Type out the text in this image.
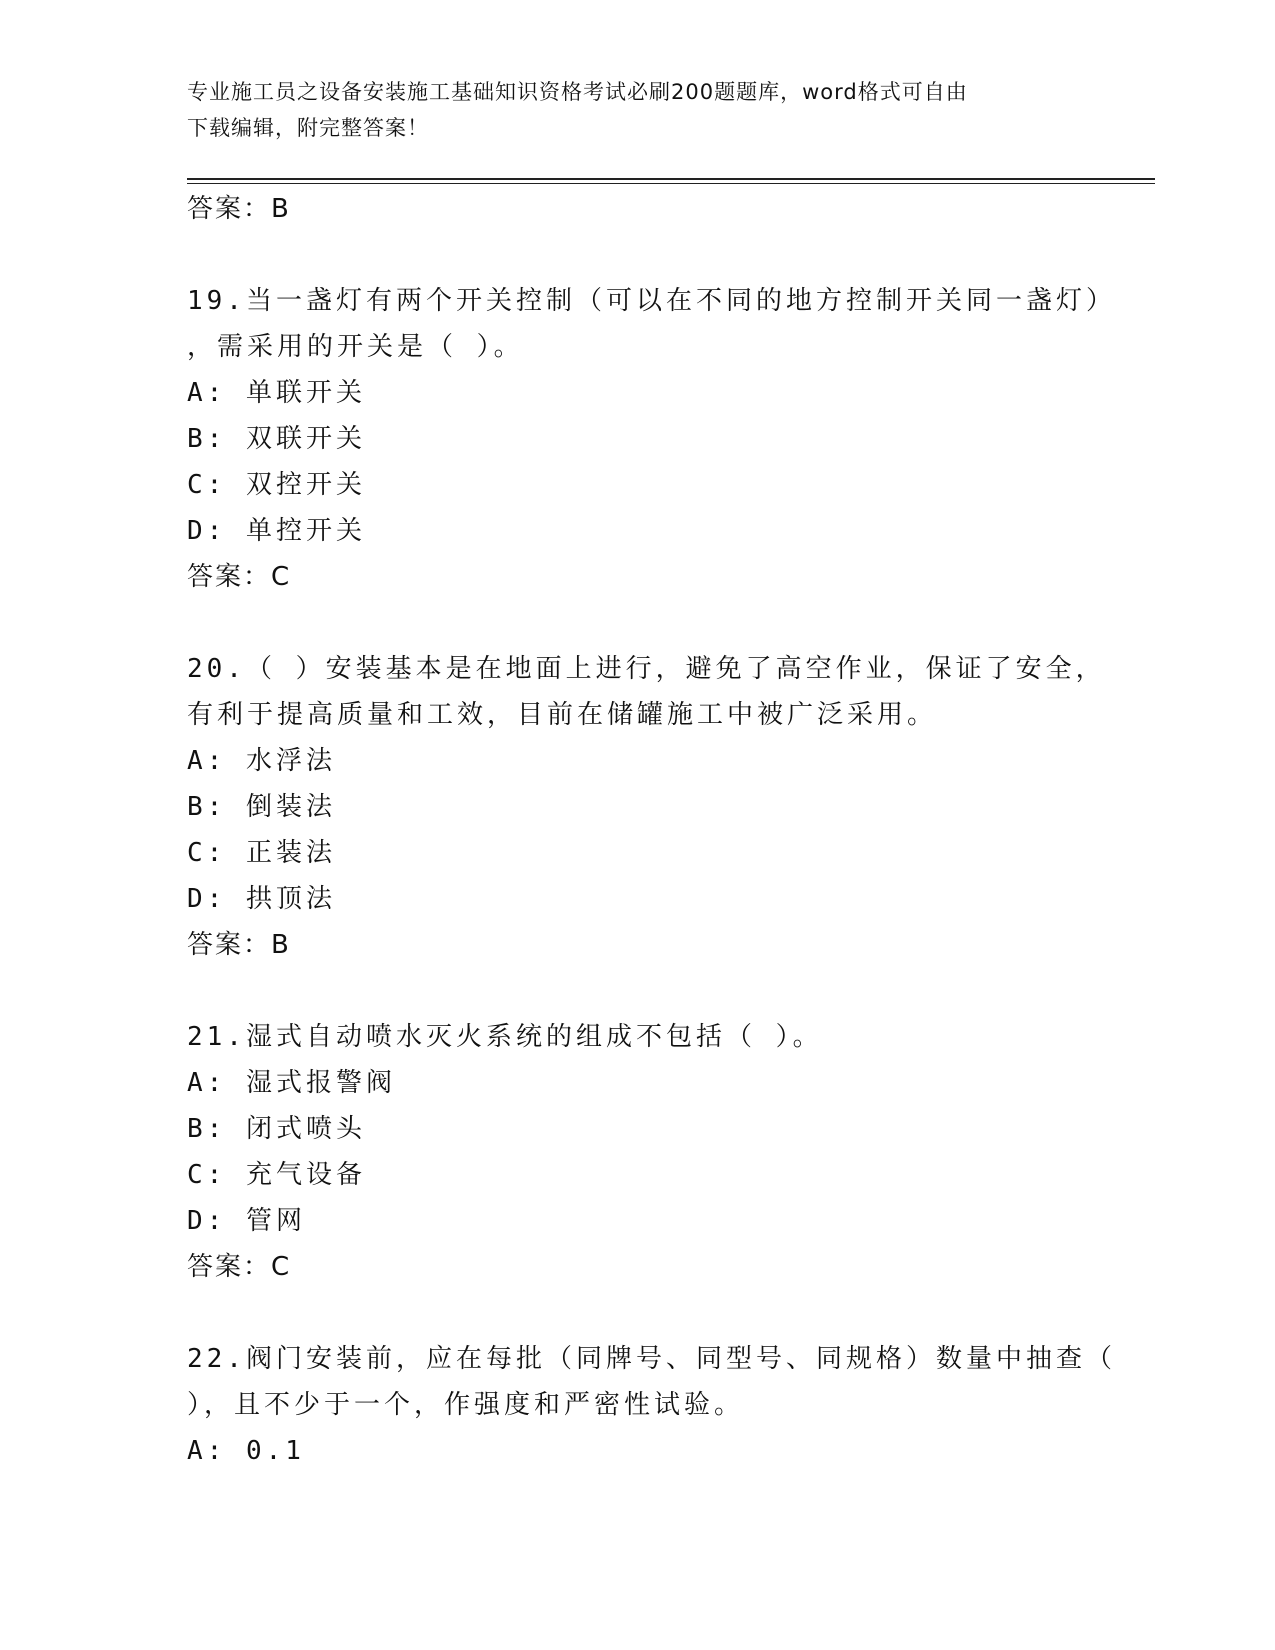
专业施工员之设备安装施工基础知识资格考试必刷200题题库，word格式可自由
下载编辑，附完整答案！
答案：B
19.当一盏灯有两个开关控制（可以在不同的地方控制开关同一盏灯）
，需采用的开关是（ ）。
A: 单联开关
B: 双联开关
C: 双控开关
D: 单控开关
答案：C
20.（ ）安装基本是在地面上进行，避免了高空作业，保证了安全，
有利于提高质量和工效，目前在储罐施工中被广泛采用。
A: 水浮法
B: 倒装法
C: 正装法
D: 拱顶法
答案：B
21.湿式自动喷水灭火系统的组成不包括（ ）。
A: 湿式报警阀
B: 闭式喷头
C: 充气设备
D: 管网
答案：C
22.阀门安装前，应在每批（同牌号、同型号、同规格）数量中抽查（
），且不少于一个，作强度和严密性试验。
A: 0.1
